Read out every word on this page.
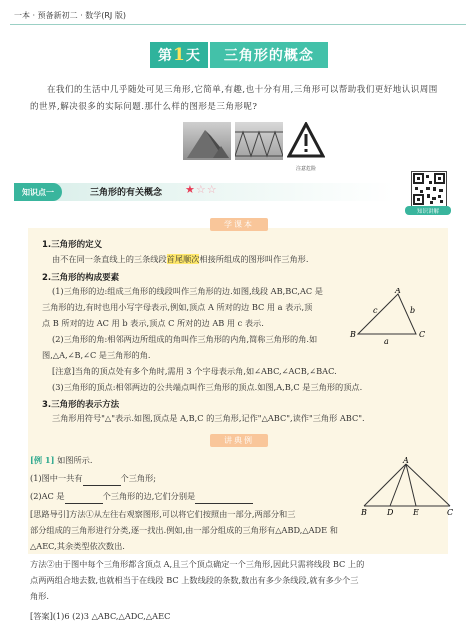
一本 · 预备新初二 · 数学(RJ 版)
第 1 天	三角形的概念
在我们的生活中几乎随处可见三角形,它简单,有趣,也十分有用,三角形可以帮助我们更好地认识周围的世界,解决很多的实际问题.那什么样的图形是三角形呢?
注意危险
知识点一	三角形的有关概念 ★☆☆
知识讲解
学课本
1.三角形的定义
由不在同一条直线上的三条线段首尾顺次相接所组成的图形叫作三角形.
2.三角形的构成要素
(1)三角形的边:组成三角形的线段叫作三角形的边.如图,线段 AB,BC,AC 是
三角形的边,有时也用小写字母表示,例如,顶点 A 所对的边 BC 用 a 表示,顶
点 B 所对的边 AC 用 b 表示,顶点 C 所对的边 AB 用 c 表示.
(2)三角形的角:相邻两边所组成的角叫作三角形的内角,简称三角形的角.如
图,△A,∠B,∠C 是三角形的角.
[注意]当角的顶点处有多个角时,需用 3 个字母表示角,如∠ABC,∠ACB,∠BAC.
(3)三角形的顶点:相邻两边的公共端点叫作三角形的顶点.如图,A,B,C 是三角形的顶点.
B
A
C
c	b
a
3.三角形的表示方法
三角形用符号"△"表示.如图,顶点是 A,B,C 的三角形,记作"△ABC",读作"三角形 ABC".
讲典例
[例 1] 如图所示.
(1)图中一共有	个三角形;
(2)AC 是	个三角形的边,它们分别是
A
B	D E	C
[思路导引]方法①从左往右观察图形,可以将它们按照由一部分,两部分和三
部分组成的三角形进行分类,逐一找出.例如,由一部分组成的三角形有△ABD,△ADE 和
△AEC,其余类型依次数出.
方法②由于图中每个三角形都含顶点 A,且三个顶点确定一个三角形,因此只需将线段 BC 上的
点两两组合地去数,也就相当于在线段 BC 上数线段的条数,数出有多少条线段,就有多少个三
角形.
[答案](1)6 (2)3 △ABC,△ADC,△AEC
